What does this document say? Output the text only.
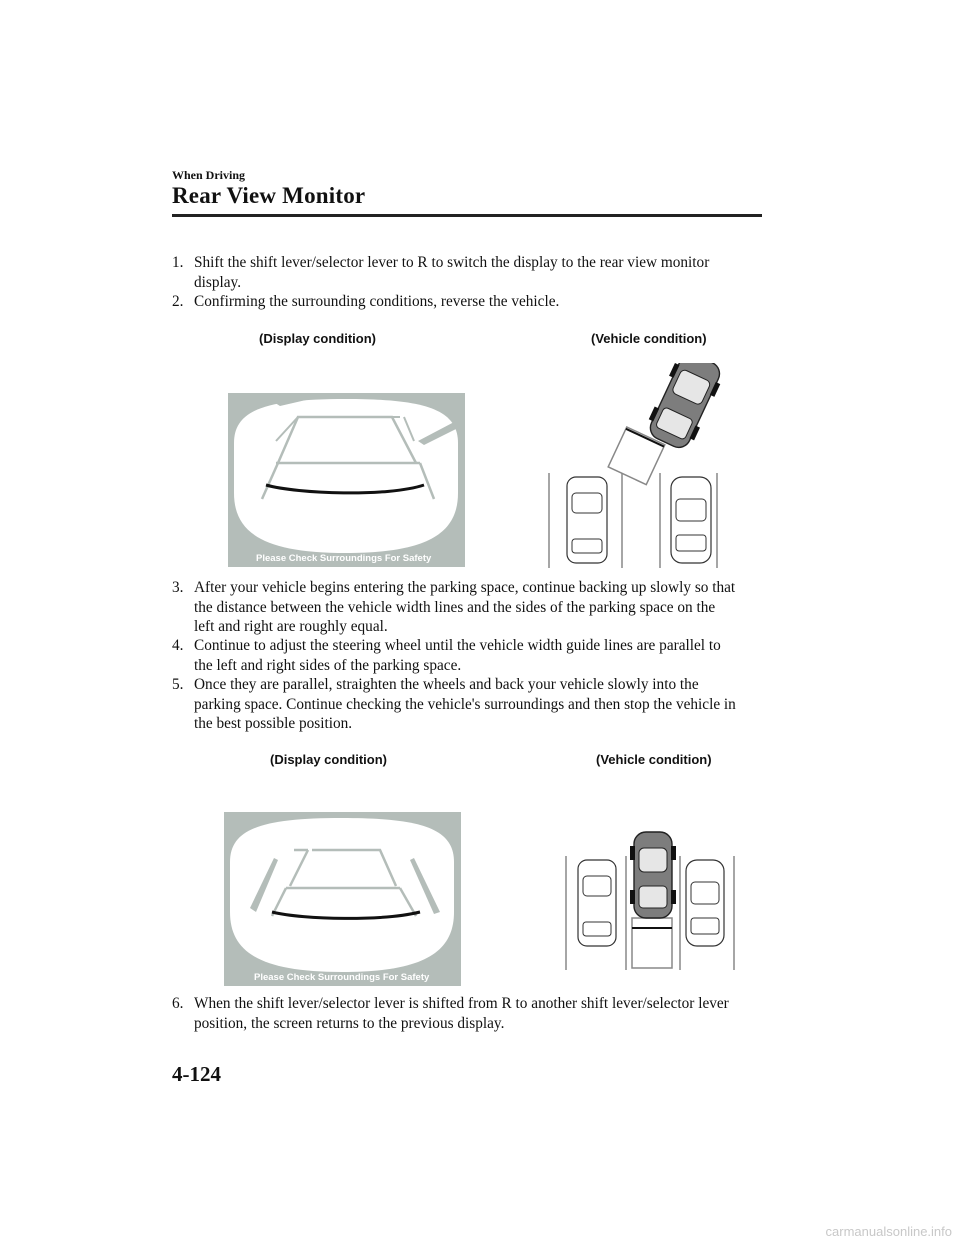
When Driving
Rear View Monitor
1. Shift the shift lever/selector lever to R to switch the display to the rear view monitor
display.
2. Confirming the surrounding conditions, reverse the vehicle.
(Display condition)	(Vehicle condition)
Please Check Surroundings For Safety
3. After your vehicle begins entering the parking space, continue backing up slowly so that
the distance between the vehicle width lines and the sides of the parking space on the
left and right are roughly equal.
4. Continue to adjust the steering wheel until the vehicle width guide lines are parallel to
the left and right sides of the parking space.
5. Once they are parallel, straighten the wheels and back your vehicle slowly into the
parking space. Continue checking the vehicle's surroundings and then stop the vehicle in
the best possible position.
(Display condition)	(Vehicle condition)
Please Check Surroundings For Safety
6. When the shift lever/selector lever is shifted from R to another shift lever/selector lever
position, the screen returns to the previous display.
4-124
carmanualsonline.info
